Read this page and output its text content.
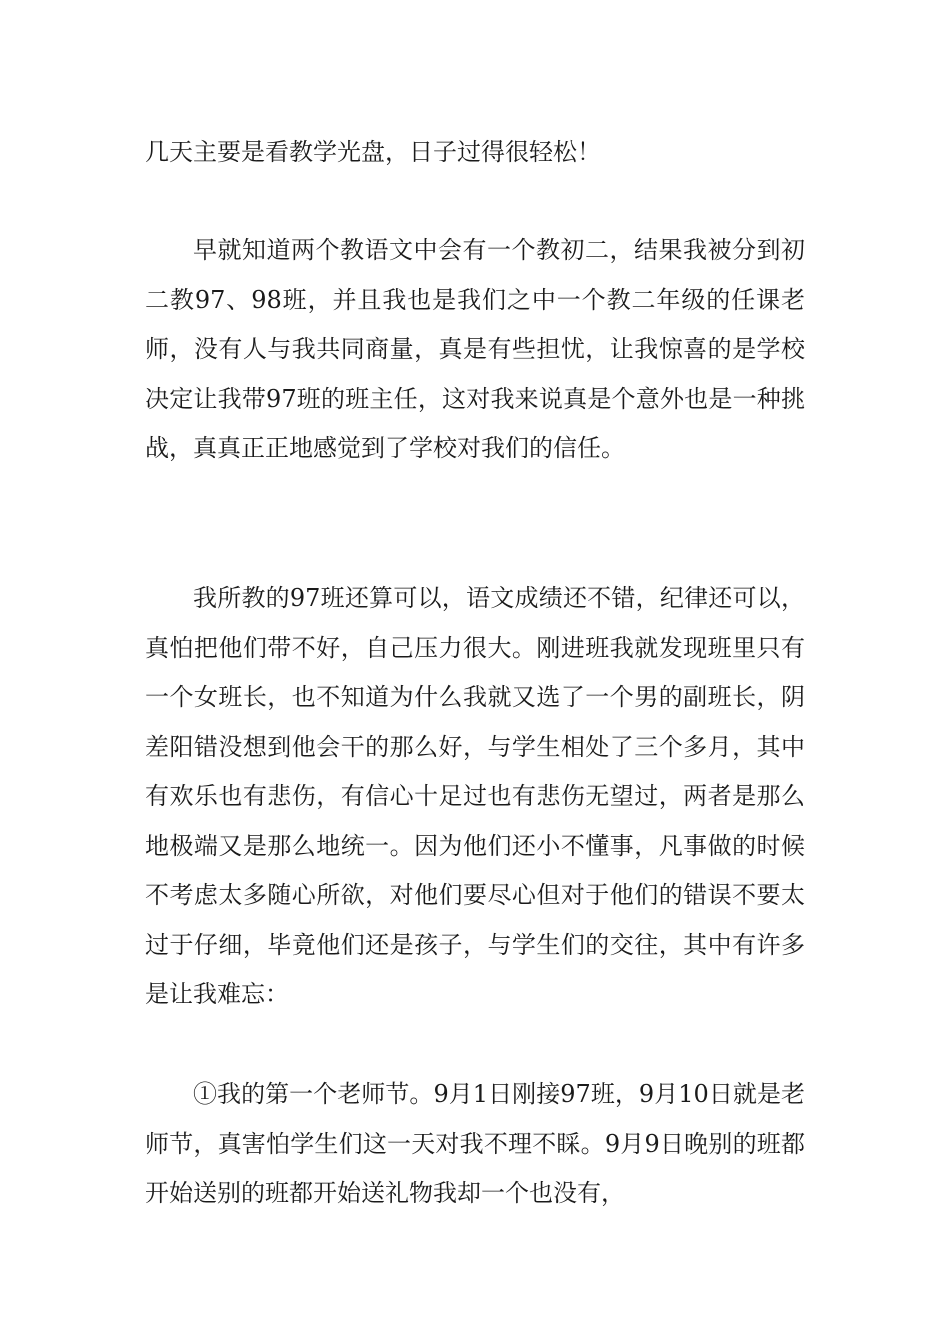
几天主要是看教学光盘，日子过得很轻松！

早就知道两个教语文中会有一个教初二，结果我被分到初二教97、98班，并且我也是我们之中一个教二年级的任课老师，没有人与我共同商量，真是有些担忧，让我惊喜的是学校决定让我带97班的班主任，这对我来说真是个意外也是一种挑战，真真正正地感觉到了学校对我们的信任。

我所教的97班还算可以，语文成绩还不错，纪律还可以，真怕把他们带不好，自己压力很大。刚进班我就发现班里只有一个女班长，也不知道为什么我就又选了一个男的副班长，阴差阳错没想到他会干的那么好，与学生相处了三个多月，其中有欢乐也有悲伤，有信心十足过也有悲伤无望过，两者是那么地极端又是那么地统一。因为他们还小不懂事，凡事做的时候不考虑太多随心所欲，对他们要尽心但对于他们的错误不要太过于仔细，毕竟他们还是孩子，与学生们的交往，其中有许多是让我难忘：

①我的第一个老师节。9月1日刚接97班，9月10日就是老师节，真害怕学生们这一天对我不理不睬。9月9日晚别的班都开始送别的班都开始送礼物我却一个也没有，
